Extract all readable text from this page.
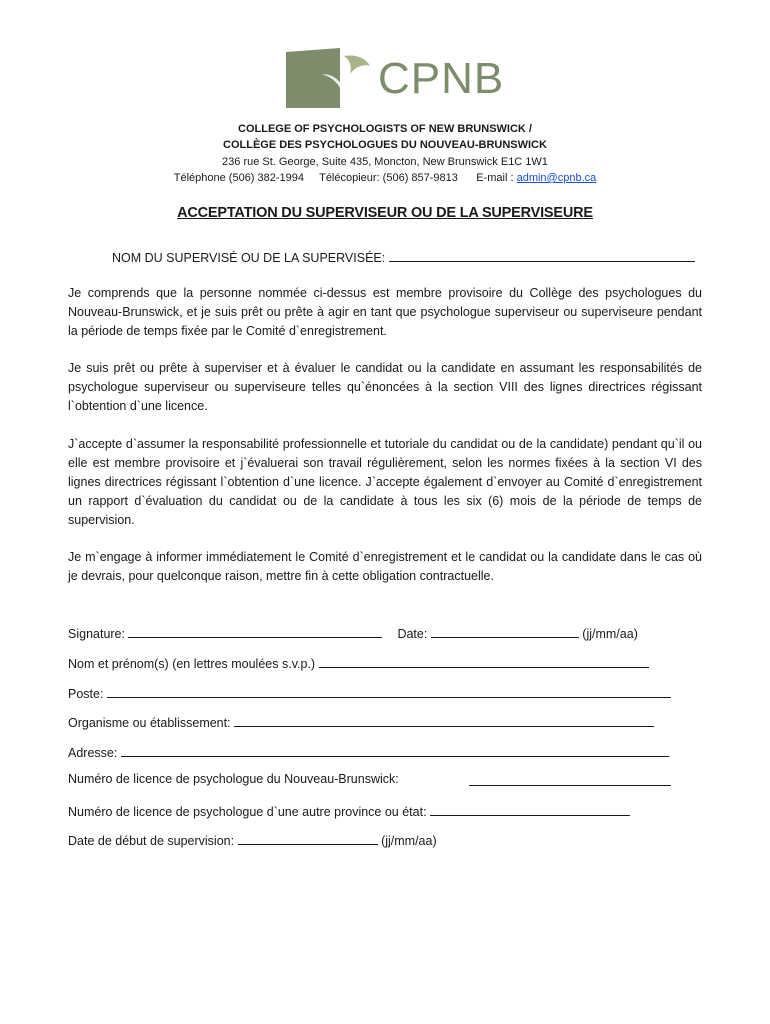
CPNB
COLLEGE OF PSYCHOLOGISTS OF NEW BRUNSWICK /
COLLÈGE DES PSYCHOLOGUES DU NOUVEAU-BRUNSWICK
236 rue St. George, Suite 435, Moncton, New Brunswick E1C 1W1
Téléphone (506) 382-1994     Télécopieur: (506) 857-9813      E-mail : admin@cpnb.ca
ACCEPTATION DU SUPERVISEUR OU DE LA SUPERVISEURE
NOM DU SUPERVISÉ OU DE LA SUPERVISÉE:
Je comprends que la personne nommée ci-dessus est membre provisoire du Collège des psychologues du Nouveau-Brunswick, et je suis prêt ou prête à agir en tant que psychologue superviseur ou superviseure pendant la période de temps fixée par le Comité d`enregistrement.
Je suis prêt ou prête à superviser et à évaluer le candidat ou la candidate en assumant les responsabilités de psychologue superviseur ou superviseure telles qu`énoncées à la section VIII des lignes directrices régissant l`obtention d`une licence.
J`accepte d`assumer la responsabilité professionnelle et tutoriale du candidat ou de la candidate) pendant qu`il ou elle est membre provisoire et j`évaluerai son travail régulièrement, selon les normes fixées à la section VI des lignes directrices régissant l`obtention d`une licence. J`accepte également d`envoyer au Comité d`enregistrement un rapport d`évaluation du candidat ou de la candidate à tous les six (6) mois de la période de temps de supervision.
Je m`engage à informer immédiatement le Comité d`enregistrement et le candidat ou la candidate dans le cas où je devrais, pour quelconque raison, mettre fin à cette obligation contractuelle.
Signature:	Date:	(jj/mm/aa)
Nom et prénom(s) (en lettres moulées s.v.p.)
Poste:
Organisme ou établissement:
Adresse:
Numéro de licence de psychologue du Nouveau-Brunswick:
Numéro de licence de psychologue d`une autre province ou état:
Date de début de supervision:	(jj/mm/aa)
